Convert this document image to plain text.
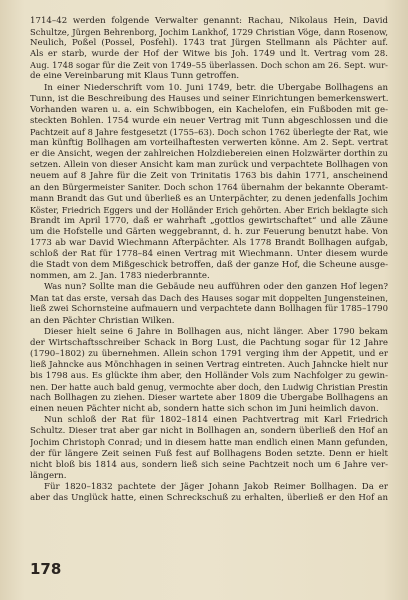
1714–42 werden folgende Verwalter genannt: Rachau, Nikolaus Hein, David
Schultze, Jürgen Behrenborg, Jochim Lankhof, 1729 Christian Vöge, dann Rosenow,
Neulich, Poßel (Possel, Posfehl). 1743 trat Jürgen Stellmann als Pächter auf.
Als er starb, wurde der Hof der Witwe bis Joh. 1749 und lt. Vertrag vom 28.
Aug. 1748 sogar für die Zeit von 1749–55 überlassen. Doch schon am 26. Sept. wur-
de eine Vereinbarung mit Klaus Tunn getroffen.
In einer Niederschrift vom 10. Juni 1749, betr. die Übergabe Bollhagens an
Tunn, ist die Beschreibung des Hauses und seiner Einrichtungen bemerkenswert.
Vorhanden waren u. a. ein Schwibbogen, ein Kachelofen, ein Fußboden mit ge-
steckten Bohlen. 1754 wurde ein neuer Vertrag mit Tunn abgeschlossen und die
Pachtzeit auf 8 Jahre festgesetzt (1755–63). Doch schon 1762 überlegte der Rat, wie
man künftig Bollhagen am vorteilhaftesten verwerten könne. Am 2. Sept. vertrat
er die Ansicht, wegen der zahlreichen Holzdiebereien einen Holzwärter dorthin zu
setzen. Allein von dieser Ansicht kam man zurück und verpachtete Bollhagen von
neuem auf 8 Jahre für die Zeit von Trinitatis 1763 bis dahin 1771, anscheinend
an den Bürgermeister Saniter. Doch schon 1764 übernahm der bekannte Oberamt-
mann Brandt das Gut und überließ es an Unterpächter, zu denen jedenfalls Jochim
Köster, Friedrich Eggers und der Holländer Erich gehörten. Aber Erich beklagte sich
Brandt im April 1770, daß er wahrhaft „gottlos gewirtschaftet“ und alle Zäune
um die Hofstelle und Gärten weggebrannt, d. h. zur Feuerung benutzt habe. Von
1773 ab war David Wiechmann Afterpächter. Als 1778 Brandt Bollhagen aufgab,
schloß der Rat für 1778–84 einen Vertrag mit Wiechmann. Unter diesem wurde
die Stadt von dem Mißgeschick betroffen, daß der ganze Hof, die Scheune ausge-
nommen, am 2. Jan. 1783 niederbrannte.
Was nun? Sollte man die Gebäude neu aufführen oder den ganzen Hof legen?
Man tat das erste, versah das Dach des Hauses sogar mit doppelten Jungensteinen,
ließ zwei Schornsteine aufmauern und verpachtete dann Bollhagen für 1785–1790
an den Pächter Christian Wilken.
Dieser hielt seine 6 Jahre in Bollhagen aus, nicht länger. Aber 1790 bekam
der Wirtschaftsschreiber Schack in Borg Lust, die Pachtung sogar für 12 Jahre
(1790–1802) zu übernehmen. Allein schon 1791 verging ihm der Appetit, und er
ließ Jahncke aus Mönchhagen in seinen Vertrag eintreten. Auch Jahncke hielt nur
bis 1798 aus. Es glückte ihm aber, den Holländer Vols zum Nachfolger zu gewin-
nen. Der hatte auch bald genug, vermochte aber doch, den Ludwig Christian Prestin
nach Bollhagen zu ziehen. Dieser wartete aber 1809 die Übergabe Bollhagens an
einen neuen Pächter nicht ab, sondern hatte sich schon im Juni heimlich davon.
Nun schloß der Rat für 1802–1814 einen Pachtvertrag mit Karl Friedrich
Schultz. Dieser trat aber gar nicht in Bollhagen an, sondern überließ den Hof an
Jochim Christoph Conrad; und in diesem hatte man endlich einen Mann gefunden,
der für längere Zeit seinen Fuß fest auf Bollhagens Boden setzte. Denn er hielt
nicht bloß bis 1814 aus, sondern ließ sich seine Pachtzeit noch um 6 Jahre ver-
längern.
Für 1820–1832 pachtete der Jäger Johann Jakob Reimer Bollhagen. Da er
aber das Unglück hatte, einen Schreckschuß zu erhalten, überließ er den Hof an
178
